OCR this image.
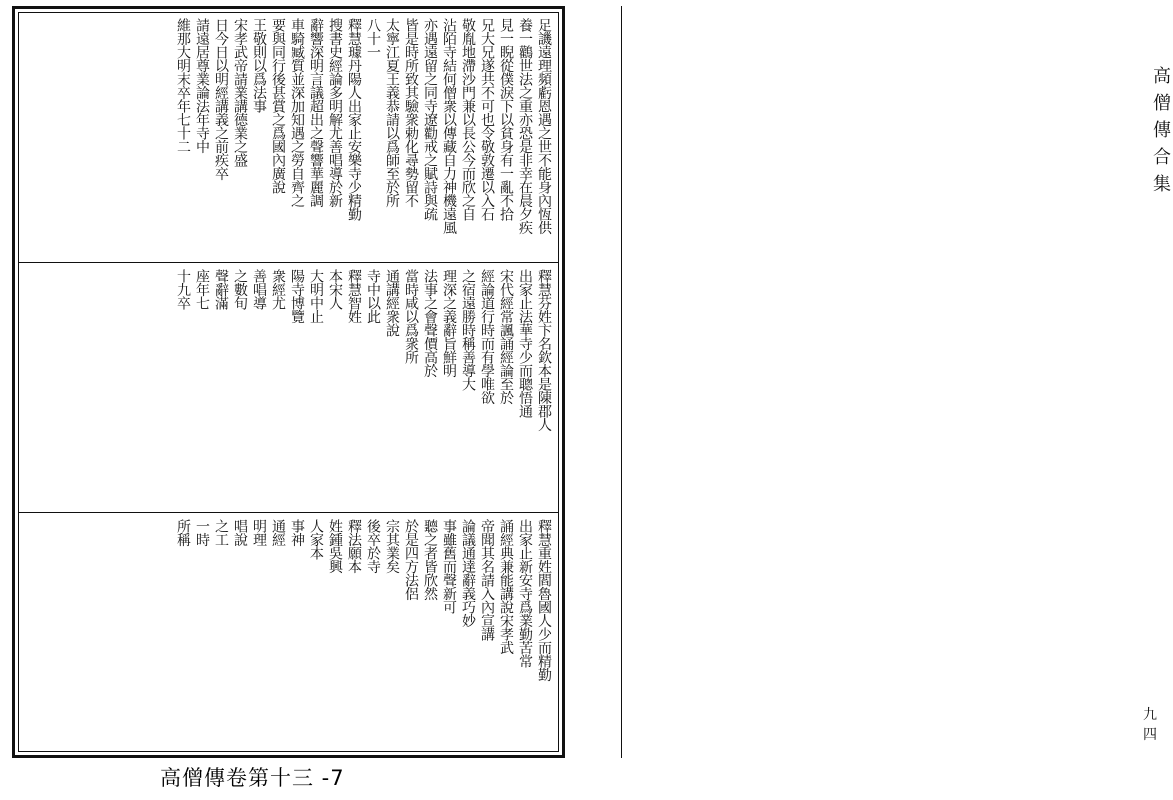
高僧傳合集
九四
足譏遠理頻虧恩遇之世不能身內恆供
養一鸛世法之重亦恐是非幸在晨夕疾
見一睨從僕淚下以貧身有一亂不拾
兄大兄遂共不可也令敬敦遷以入石
敬胤地滯沙門兼以長公今而欣之自
沾陌寺結何僧衆以傳藏自力神機遠風
亦遇遠留之同寺遼勸戒之賦詩與疏
皆是時所致其驗衆勅化尋勢留不
太寧江夏王義恭請以爲師至於所
八十一
釋慧璩丹陽人出家止安樂寺少精勤
搜書史經論多明解尤善唱導於新
辭響深明言議超出之聲響華麗調
車騎臧質並深加知遇之勞自齊之
要與同行後甚賞之爲國內廣說
王敬則以爲法事
宋孝武帝請業講德業之盛
日今日以明經講義之前疾卒
請遠居尊業論法年寺中
維那大明末卒年七十二
釋慧芬姓卞名欽本是陳郡人
出家止法華寺少而聰悟通
宋代經常諷誦經論至於
經論道行時而有學唯欲
之宿遠勝時稱善導大
理深之義辭旨鮮明
法事之會聲價高於
當時咸以爲衆所
通講經衆說
寺中以此
釋慧智姓
本宋人
大明中止
陽寺博覽
衆經尤
善唱導
之數旬
聲辭滿
座年七
十九卒
釋慧重姓閻魯國人少而精勤
出家止新安寺爲業勤苦常
誦經典兼能講說宋孝武
帝聞其名請入內宣講
論議通達辭義巧妙
事雖舊而聲新可
聽之者皆欣然
於是四方法侶
宗其業矣
後卒於寺
釋法願本
姓鍾吳興
人家本
事神
通經
明理
唱說
之工
一時
所稱
高僧傳卷第十三 -7
